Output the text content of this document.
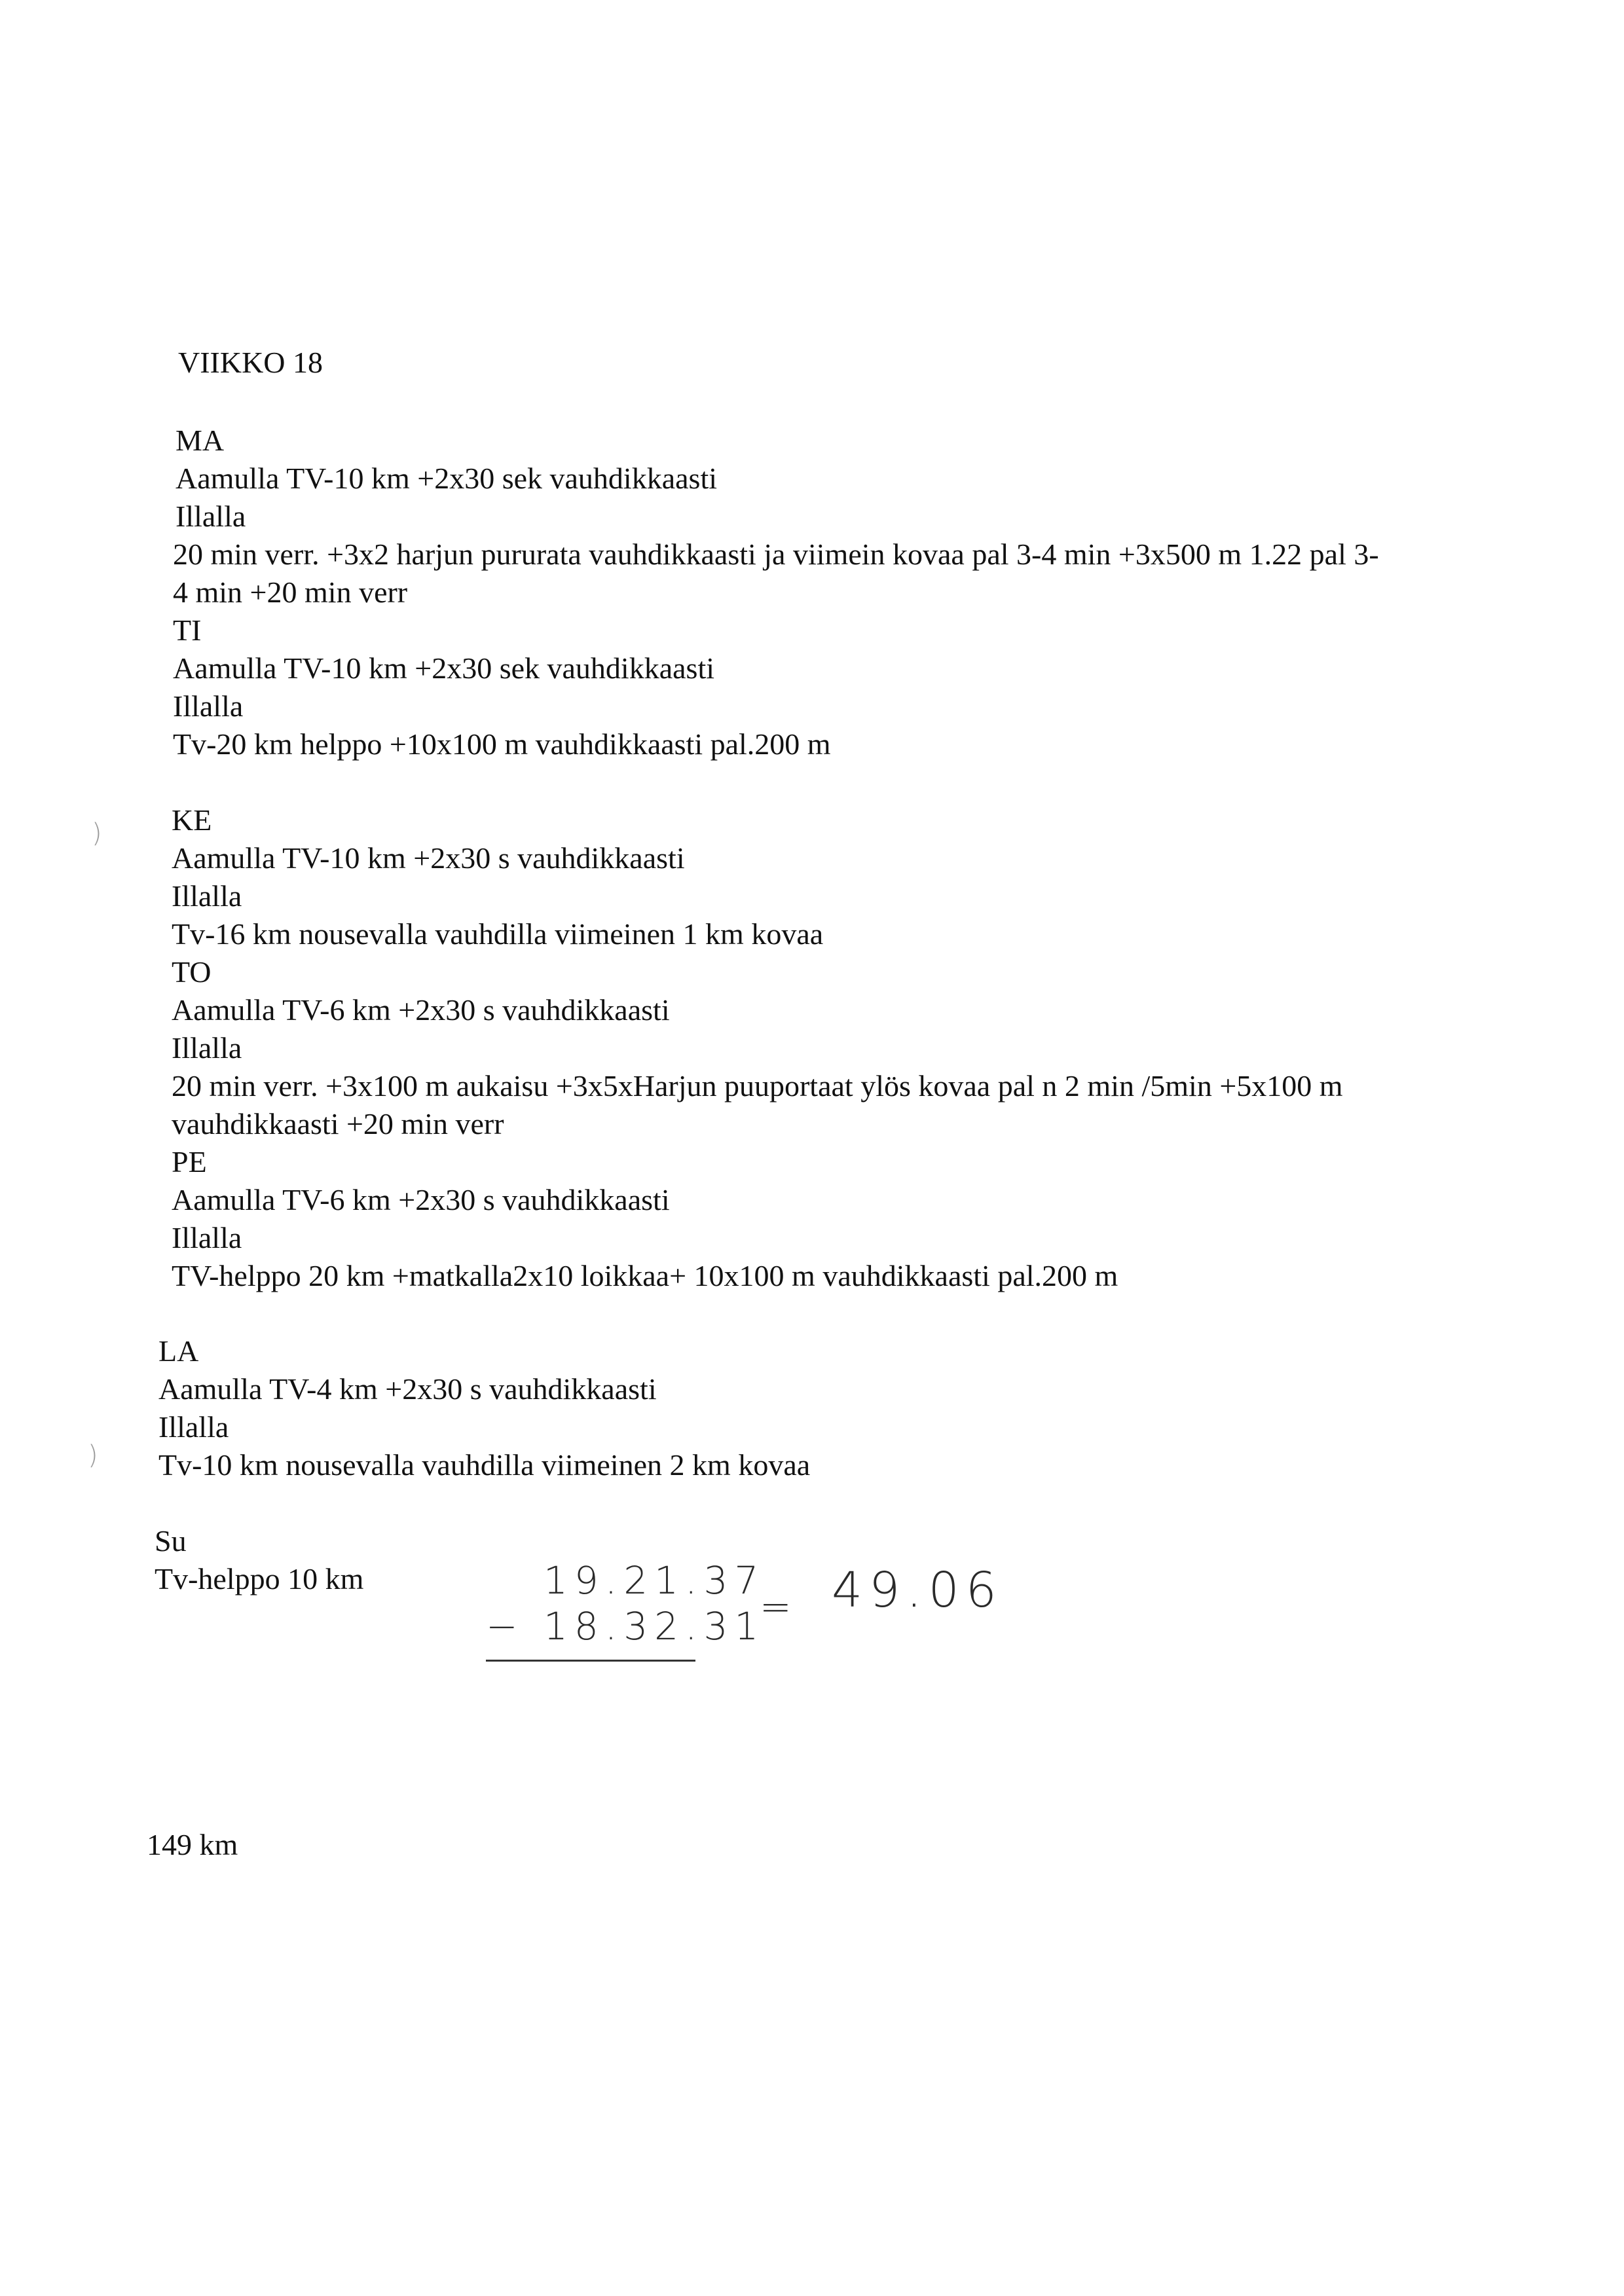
VIIKKO 18

MA

Aamulla TV-10 km +2x30 sek vauhdikkaasti

Illalla

20 min verr. +3x2 harjun pururata vauhdikkaasti ja viimein kovaa pal 3-4 min +3x500 m 1.22 pal 3-

4 min +20 min verr

TI

Aamulla TV-10 km +2x30 sek vauhdikkaasti

Illalla

Tv-20 km helppo +10x100 m vauhdikkaasti pal.200 m

KE

Aamulla TV-10 km +2x30 s vauhdikkaasti

Illalla

Tv-16 km nousevalla vauhdilla viimeinen 1 km kovaa

TO

Aamulla TV-6 km +2x30 s vauhdikkaasti

Illalla

20 min verr. +3x100 m aukaisu +3x5xHarjun puuportaat ylös kovaa pal n 2 min /5min +5x100 m

vauhdikkaasti +20 min verr

PE

Aamulla TV-6 km +2x30 s vauhdikkaasti

Illalla

TV-helppo 20 km +matkalla2x10 loikkaa+ 10x100 m vauhdikkaasti pal.200 m

LA

Aamulla TV-4 km +2x30 s vauhdikkaasti

Illalla

Tv-10 km nousevalla vauhdilla viimeinen 2 km kovaa

Su

Tv-helppo 10 km	19.21.37

− 18.32.31

= 49.06

149 km

)
)
